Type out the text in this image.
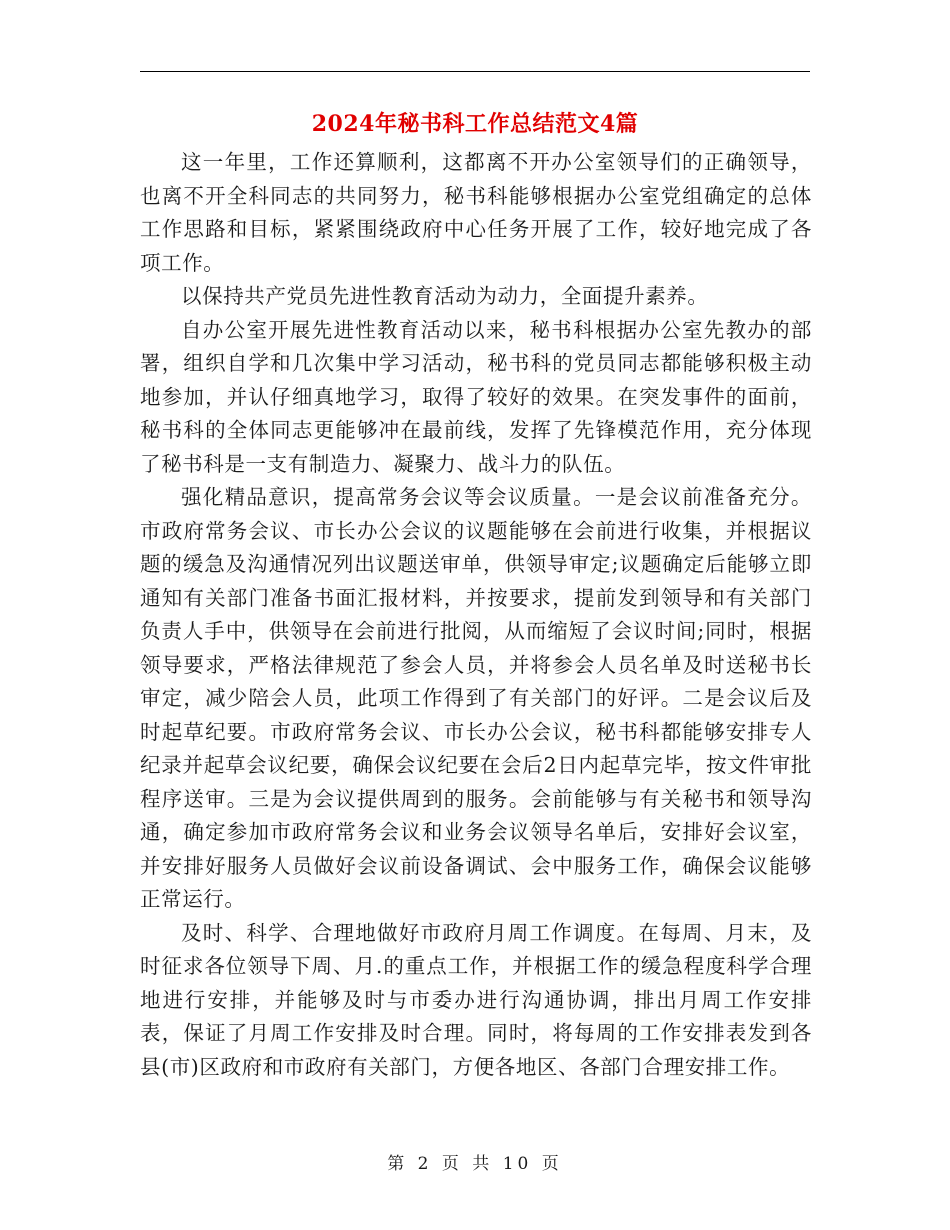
2024年秘书科工作总结范文4篇

这一年里，工作还算顺利，这都离不开办公室领导们的正确领导，也离不开全科同志的共同努力，秘书科能够根据办公室党组确定的总体工作思路和目标，紧紧围绕政府中心任务开展了工作，较好地完成了各项工作。

以保持共产党员先进性教育活动为动力，全面提升素养。

自办公室开展先进性教育活动以来，秘书科根据办公室先教办的部署，组织自学和几次集中学习活动，秘书科的党员同志都能够积极主动地参加，并认仔细真地学习，取得了较好的效果。在突发事件的面前，秘书科的全体同志更能够冲在最前线，发挥了先锋模范作用，充分体现了秘书科是一支有制造力、凝聚力、战斗力的队伍。

强化精品意识，提高常务会议等会议质量。一是会议前准备充分。市政府常务会议、市长办公会议的议题能够在会前进行收集，并根据议题的缓急及沟通情况列出议题送审单，供领导审定;议题确定后能够立即通知有关部门准备书面汇报材料，并按要求，提前发到领导和有关部门负责人手中，供领导在会前进行批阅，从而缩短了会议时间;同时，根据领导要求，严格法律规范了参会人员，并将参会人员名单及时送秘书长审定，减少陪会人员，此项工作得到了有关部门的好评。二是会议后及时起草纪要。市政府常务会议、市长办公会议，秘书科都能够安排专人纪录并起草会议纪要，确保会议纪要在会后2日内起草完毕，按文件审批程序送审。三是为会议提供周到的服务。会前能够与有关秘书和领导沟通，确定参加市政府常务会议和业务会议领导名单后，安排好会议室，并安排好服务人员做好会议前设备调试、会中服务工作，确保会议能够正常运行。

及时、科学、合理地做好市政府月周工作调度。在每周、月末，及时征求各位领导下周、月.的重点工作，并根据工作的缓急程度科学合理地进行安排，并能够及时与市委办进行沟通协调，排出月周工作安排表，保证了月周工作安排及时合理。同时，将每周的工作安排表发到各县(市)区政府和市政府有关部门，方便各地区、各部门合理安排工作。

第 2 页 共 10 页
